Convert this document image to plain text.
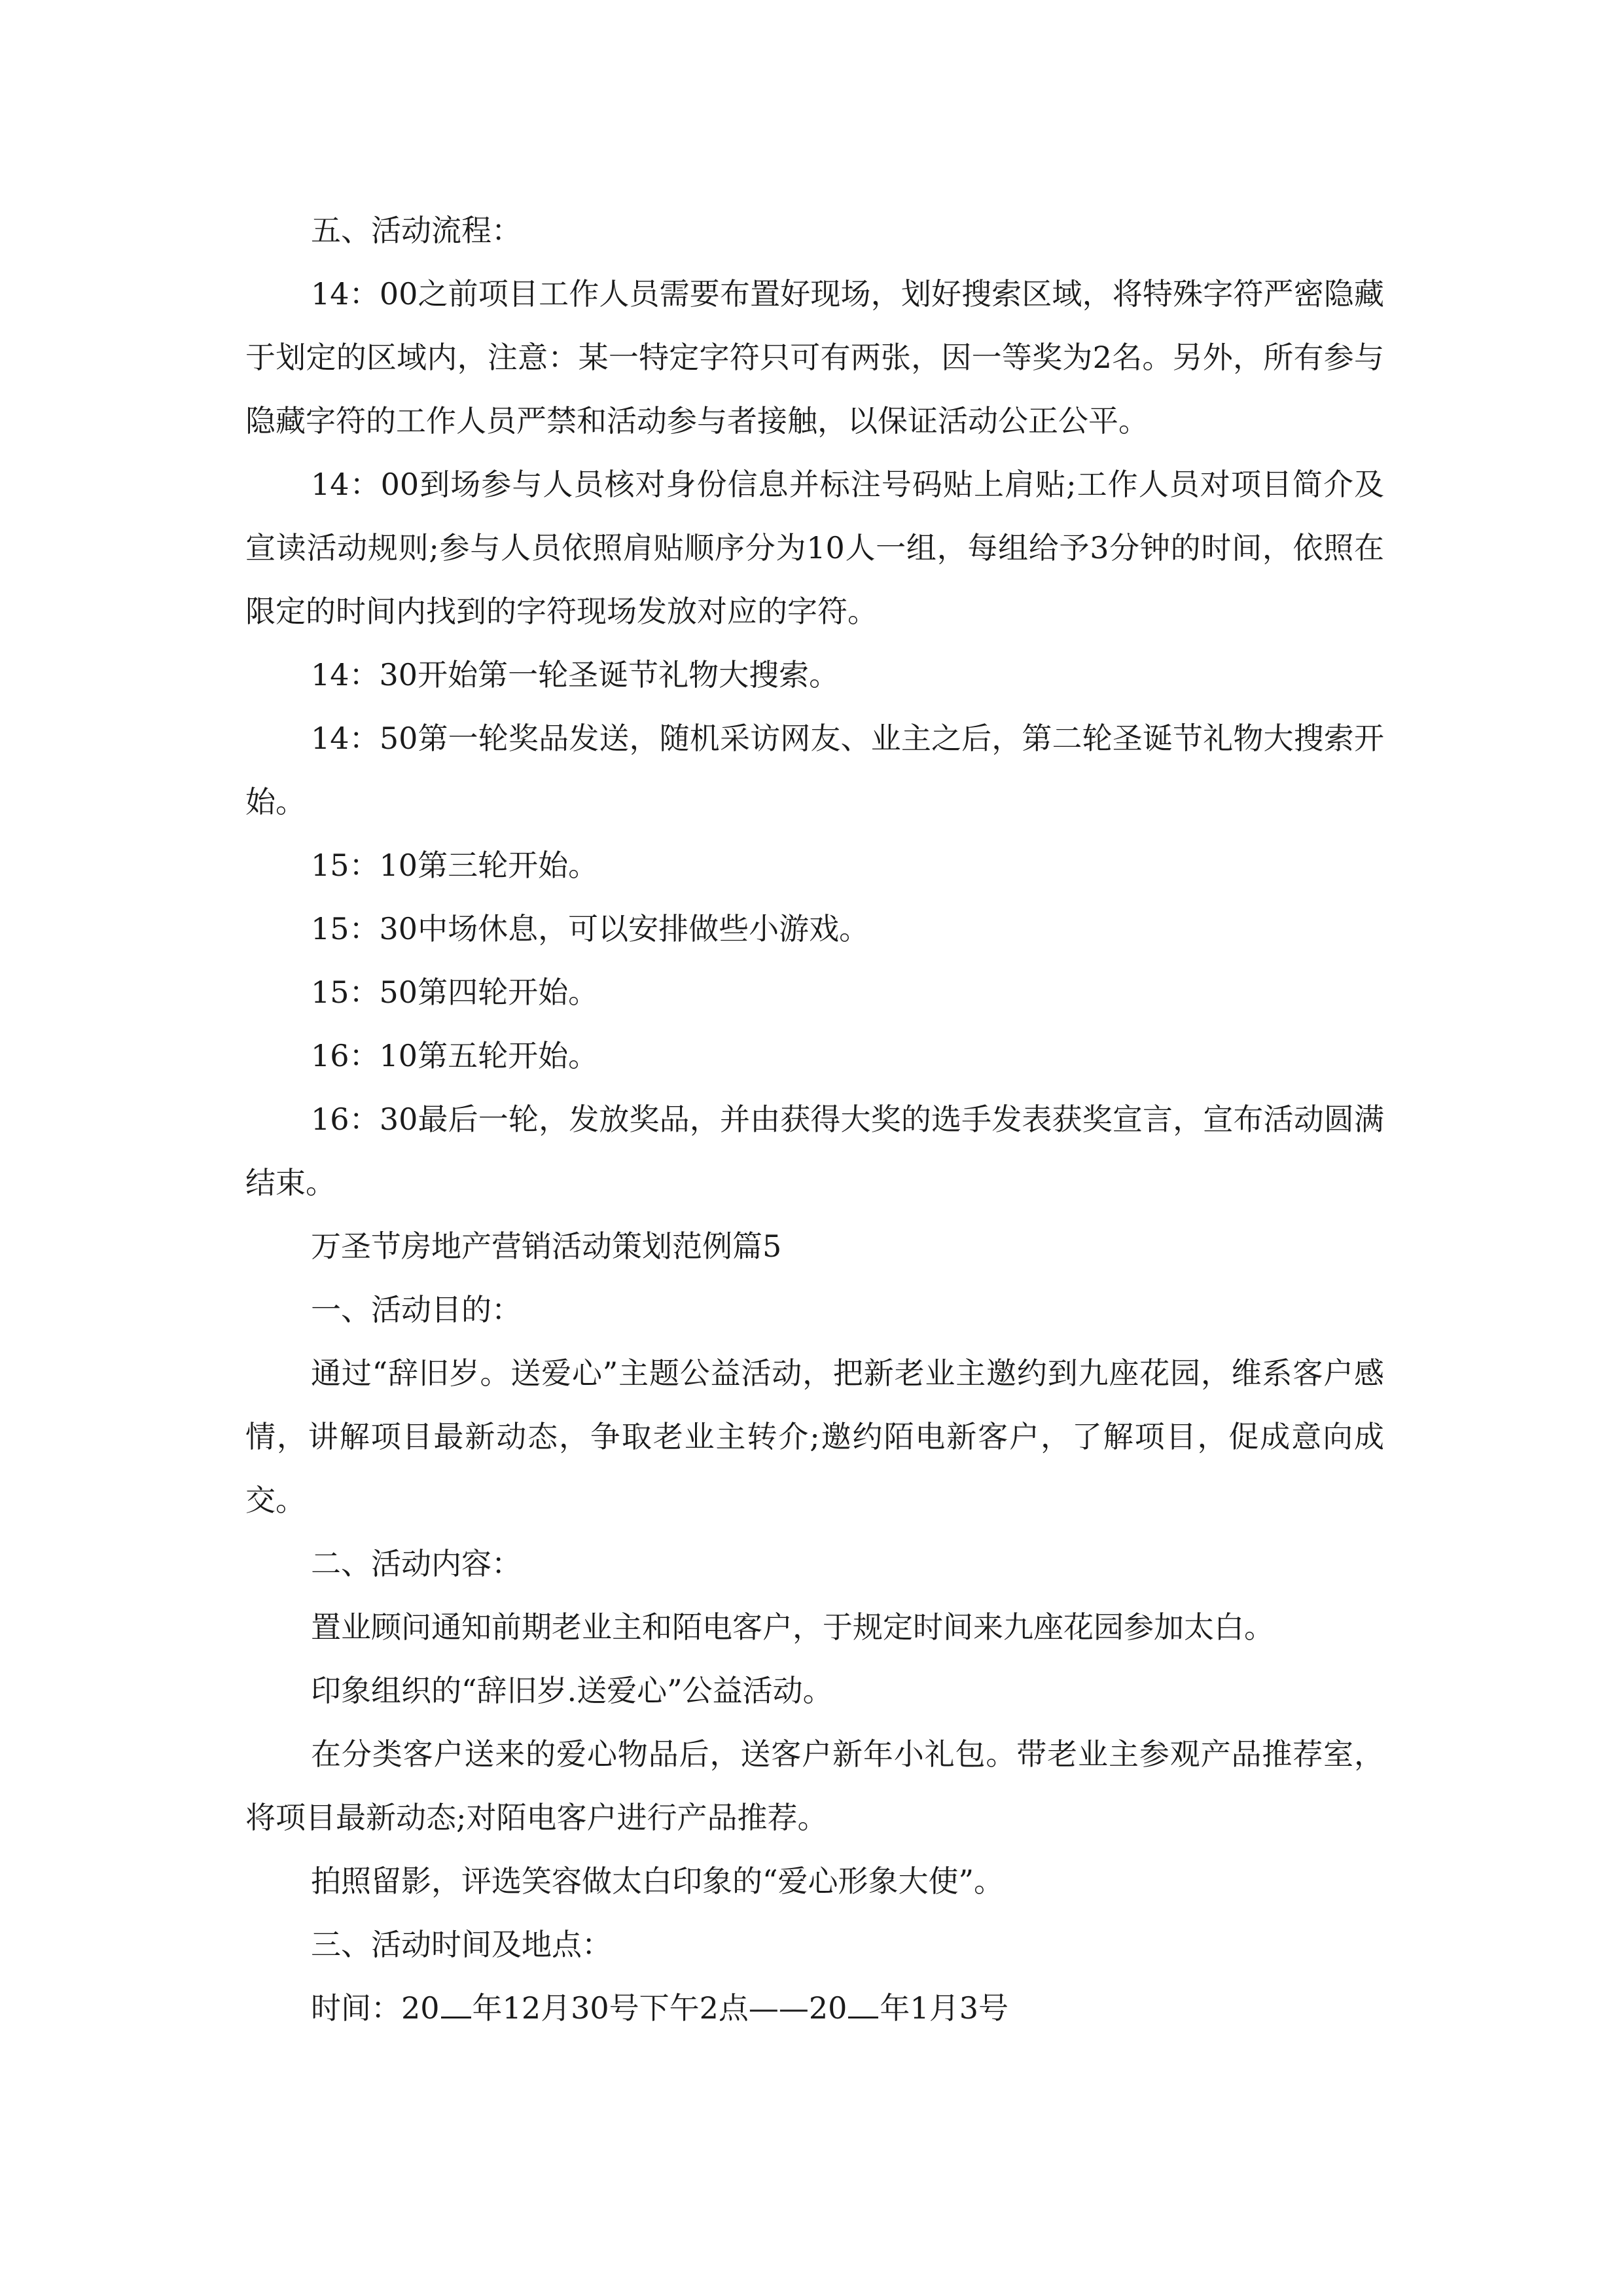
五、活动流程：

14：00之前项目工作人员需要布置好现场，划好搜索区域，将特殊字符严密隐藏于划定的区域内，注意：某一特定字符只可有两张，因一等奖为2名。另外，所有参与隐藏字符的工作人员严禁和活动参与者接触，以保证活动公正公平。

14：00到场参与人员核对身份信息并标注号码贴上肩贴;工作人员对项目简介及宣读活动规则;参与人员依照肩贴顺序分为10人一组，每组给予3分钟的时间，依照在限定的时间内找到的字符现场发放对应的字符。

14：30开始第一轮圣诞节礼物大搜索。

14：50第一轮奖品发送，随机采访网友、业主之后，第二轮圣诞节礼物大搜索开始。

15：10第三轮开始。

15：30中场休息，可以安排做些小游戏。

15：50第四轮开始。

16：10第五轮开始。

16：30最后一轮，发放奖品，并由获得大奖的选手发表获奖宣言，宣布活动圆满结束。

万圣节房地产营销活动策划范例篇5

一、活动目的：

通过“辞旧岁。送爱心”主题公益活动，把新老业主邀约到九座花园，维系客户感情，讲解项目最新动态，争取老业主转介;邀约陌电新客户，了解项目，促成意向成交。

二、活动内容：

置业顾问通知前期老业主和陌电客户，于规定时间来九座花园参加太白。

印象组织的“辞旧岁.送爱心”公益活动。

在分类客户送来的爱心物品后，送客户新年小礼包。带老业主参观产品推荐室，将项目最新动态;对陌电客户进行产品推荐。

拍照留影，评选笑容做太白印象的“爱心形象大使”。

三、活动时间及地点：

时间：20 年12月30号下午2点——20 年1月3号
